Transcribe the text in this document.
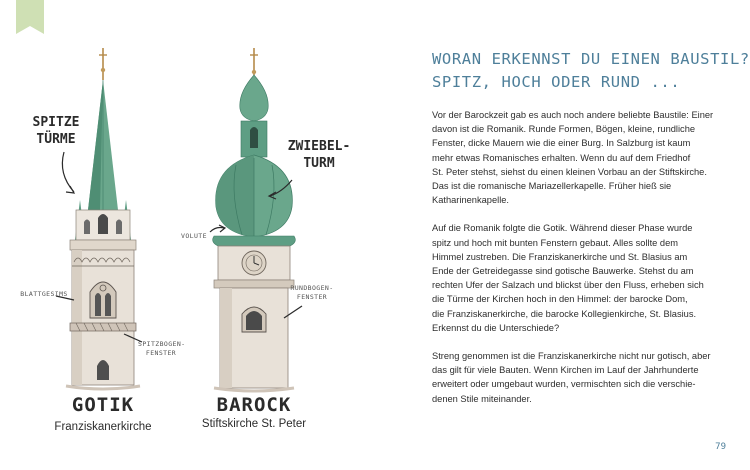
SPITZE
TÜRME
BLATTGESIMS
SPITZBOGEN-
FENSTER
GOTIK
Franziskanerkirche
ZWIEBEL-
TURM
VOLUTE
RUNDBOGEN-
FENSTER
BAROCK
Stiftskirche St. Peter
WORAN ERKENNST DU EINEN BAUSTIL?
SPITZ, HOCH ODER RUND ...

Vor der Barockzeit gab es auch noch andere beliebte Baustile: Einer
davon ist die Romanik. Runde Formen, Bögen, kleine, rundliche
Fenster, dicke Mauern wie die einer Burg. In Salzburg ist kaum
mehr etwas Romanisches erhalten. Wenn du auf dem Friedhof
St. Peter stehst, siehst du einen kleinen Vorbau an der Stiftskirche.
Das ist die romanische Mariazellerkapelle. Früher hieß sie
Katharinenkapelle.

Auf die Romanik folgte die Gotik. Während dieser Phase wurde
spitz und hoch mit bunten Fenstern gebaut. Alles sollte dem
Himmel zustreben. Die Franziskanerkirche und St. Blasius am
Ende der Getreidegasse sind gotische Bauwerke. Stehst du am
rechten Ufer der Salzach und blickst über den Fluss, erheben sich
die Türme der Kirchen hoch in den Himmel: der barocke Dom,
die Franziskanerkirche, die barocke Kollegienkirche, St. Blasius.
Erkennst du die Unterschiede?

Streng genommen ist die Franziskanerkirche nicht nur gotisch, aber
das gilt für viele Bauten. Wenn Kirchen im Lauf der Jahrhunderte
erweitert oder umgebaut wurden, vermischten sich die verschie-
denen Stile miteinander.

79
